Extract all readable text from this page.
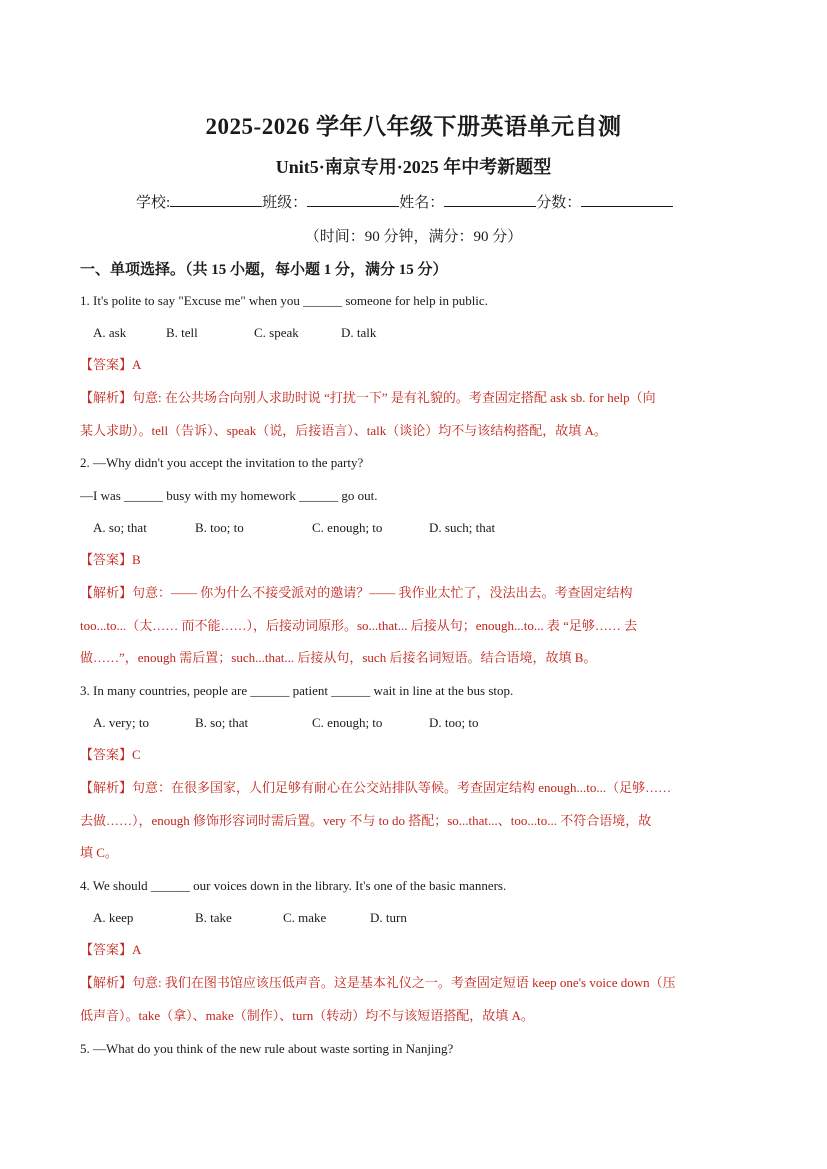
2025-2026 学年八年级下册英语单元自测
Unit5·南京专用·2025 年中考新题型
学校:	班级：	姓名：	分数：
（时间：90 分钟，满分：90 分）
一、单项选择。（共 15 小题，每小题 1 分，满分 15 分）
1. It's polite to say "Excuse me" when you ______ someone for help in public.
A. ask	B. tell	C. speak	D. talk
【答案】A
【解析】句意: 在公共场合向别人求助时说 “打扰一下” 是有礼貌的。考查固定搭配 ask sb. for help（向
某人求助）。tell（告诉）、speak（说，后接语言）、talk（谈论）均不与该结构搭配，故填 A。
2. —Why didn't you accept the invitation to the party?
—I was ______ busy with my homework ______ go out.
A. so; that	B. too; to	C. enough; to	D. such; that
【答案】B
【解析】句意：—— 你为什么不接受派对的邀请？—— 我作业太忙了，没法出去。考查固定结构
too...to...（太…… 而不能……），后接动词原形。so...that... 后接从句；enough...to... 表 “足够…… 去
做……”，enough 需后置；such...that... 后接从句，such 后接名词短语。结合语境，故填 B。
3. In many countries, people are ______ patient ______ wait in line at the bus stop.
A. very; to	B. so; that	C. enough; to	D. too; to
【答案】C
【解析】句意：在很多国家，人们足够有耐心在公交站排队等候。考查固定结构 enough...to...（足够……
去做……），enough 修饰形容词时需后置。very 不与 to do 搭配；so...that...、too...to... 不符合语境，故
填 C。
4. We should ______ our voices down in the library. It's one of the basic manners.
A. keep	B. take	C. make	D. turn
【答案】A
【解析】句意: 我们在图书馆应该压低声音。这是基本礼仪之一。考查固定短语 keep one's voice down（压
低声音）。take（拿）、make（制作）、turn（转动）均不与该短语搭配，故填 A。
5. —What do you think of the new rule about waste sorting in Nanjing?
